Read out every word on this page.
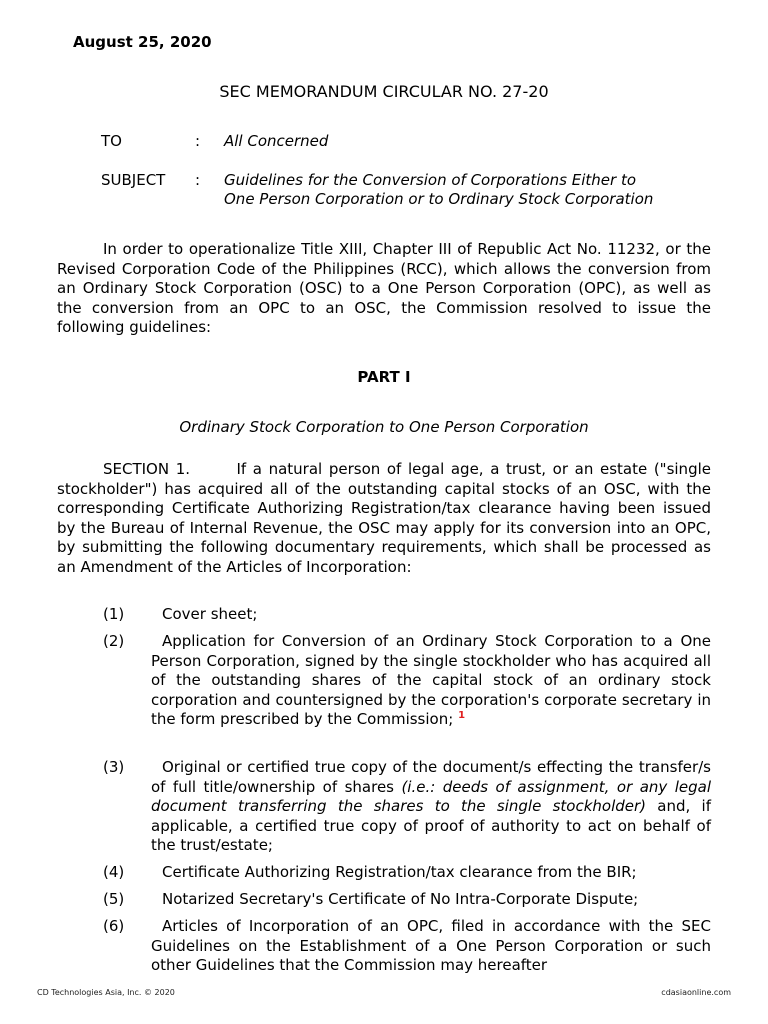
August 25, 2020
SEC MEMORANDUM CIRCULAR NO. 27-20
TO	: All Concerned
SUBJECT : Guidelines for the Conversion of Corporations Either to
One Person Corporation or to Ordinary Stock Corporation

In order to operationalize Title XIII, Chapter III of Republic Act No. 11232, or the Revised Corporation Code of the Philippines (RCC), which allows the conversion from an Ordinary Stock Corporation (OSC) to a One Person Corporation (OPC), as well as the conversion from an OPC to an OSC, the Commission resolved to issue the following guidelines:

PART I
Ordinary Stock Corporation to One Person Corporation

SECTION 1.	If a natural person of legal age, a trust, or an estate ("single stockholder") has acquired all of the outstanding capital stocks of an OSC, with the corresponding Certificate Authorizing Registration/tax clearance having been issued by the Bureau of Internal Revenue, the OSC may apply for its conversion into an OPC, by submitting the following documentary requirements, which shall be processed as an Amendment of the Articles of Incorporation:

(1)	Cover sheet;
(2)	Application for Conversion of an Ordinary Stock Corporation to a One Person Corporation, signed by the single stockholder who has acquired all of the outstanding shares of the capital stock of an ordinary stock corporation and countersigned by the corporation's corporate secretary in the form prescribed by the Commission; $^1$
(3)	Original or certified true copy of the document/s effecting the transfer/s of full title/ownership of shares (i.e.: deeds of assignment, or any legal document transferring the shares to the single stockholder) and, if applicable, a certified true copy of proof of authority to act on behalf of the trust/estate;
(4)	Certificate Authorizing Registration/tax clearance from the BIR;
(5)	Notarized Secretary's Certificate of No Intra-Corporate Dispute;
(6)	Articles of Incorporation of an OPC, filed in accordance with the SEC Guidelines on the Establishment of a One Person Corporation or such other Guidelines that the Commission may hereafter
CD Technologies Asia, Inc. © 2020	cdasiaonline.com
